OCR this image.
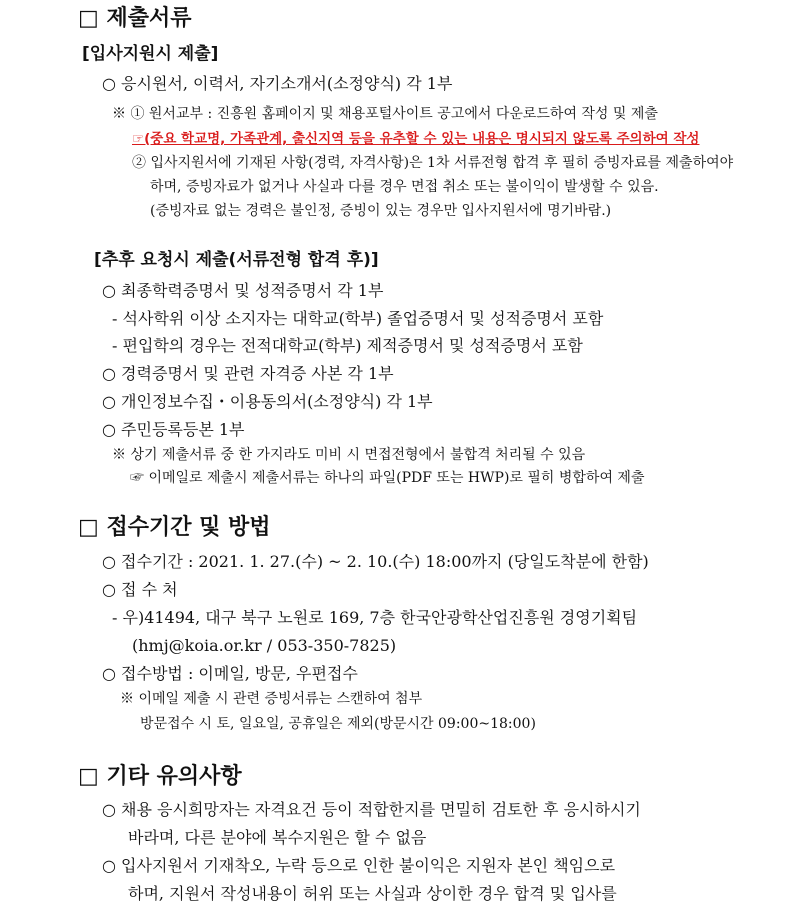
□ 제출서류
[입사지원시 제출]
○ 응시원서, 이력서, 자기소개서(소정양식) 각 1부
※ ① 원서교부 : 진흥원 홈페이지 및 채용포털사이트 공고에서 다운로드하여 작성 및 제출
☞(중요 학교명, 가족관계, 출신지역 등을 유추할 수 있는 내용은 명시되지 않도록 주의하여 작성
② 입사지원서에 기재된 사항(경력, 자격사항)은 1차 서류전형 합격 후 필히 증빙자료를 제출하여야
하며, 증빙자료가 없거나 사실과 다를 경우 면접 취소 또는 불이익이 발생할 수 있음.
(증빙자료 없는 경력은 불인정, 증빙이 있는 경우만 입사지원서에 명기바람.)
[추후 요청시 제출(서류전형 합격 후)]
○ 최종학력증명서 및 성적증명서 각 1부
- 석사학위 이상 소지자는 대학교(학부) 졸업증명서 및 성적증명서 포함
- 편입학의 경우는 전적대학교(학부) 제적증명서 및 성적증명서 포함
○ 경력증명서 및 관련 자격증 사본 각 1부
○ 개인정보수집・이용동의서(소정양식) 각 1부
○ 주민등록등본 1부
※ 상기 제출서류 중 한 가지라도 미비 시 면접전형에서 불합격 처리될 수 있음
☞ 이메일로 제출시 제출서류는 하나의 파일(PDF 또는 HWP)로 필히 병합하여 제출
□ 접수기간 및 방법
○ 접수기간 : 2021. 1. 27.(수) ~ 2. 10.(수) 18:00까지 (당일도착분에 한함)
○ 접 수 처
- 우)41494, 대구 북구 노원로 169, 7층 한국안광학산업진흥원 경영기획팀
(hmj@koia.or.kr / 053-350-7825)
○ 접수방법 : 이메일, 방문, 우편접수
※ 이메일 제출 시 관련 증빙서류는 스캔하여 첨부
방문접수 시 토, 일요일, 공휴일은 제외(방문시간 09:00~18:00)
□ 기타 유의사항
○ 채용 응시희망자는 자격요건 등이 적합한지를 면밀히 검토한 후 응시하시기
바라며, 다른 분야에 복수지원은 할 수 없음
○ 입사지원서 기재착오, 누락 등으로 인한 불이익은 지원자 본인 책임으로
하며, 지원서 작성내용이 허위 또는 사실과 상이한 경우 합격 및 입사를
